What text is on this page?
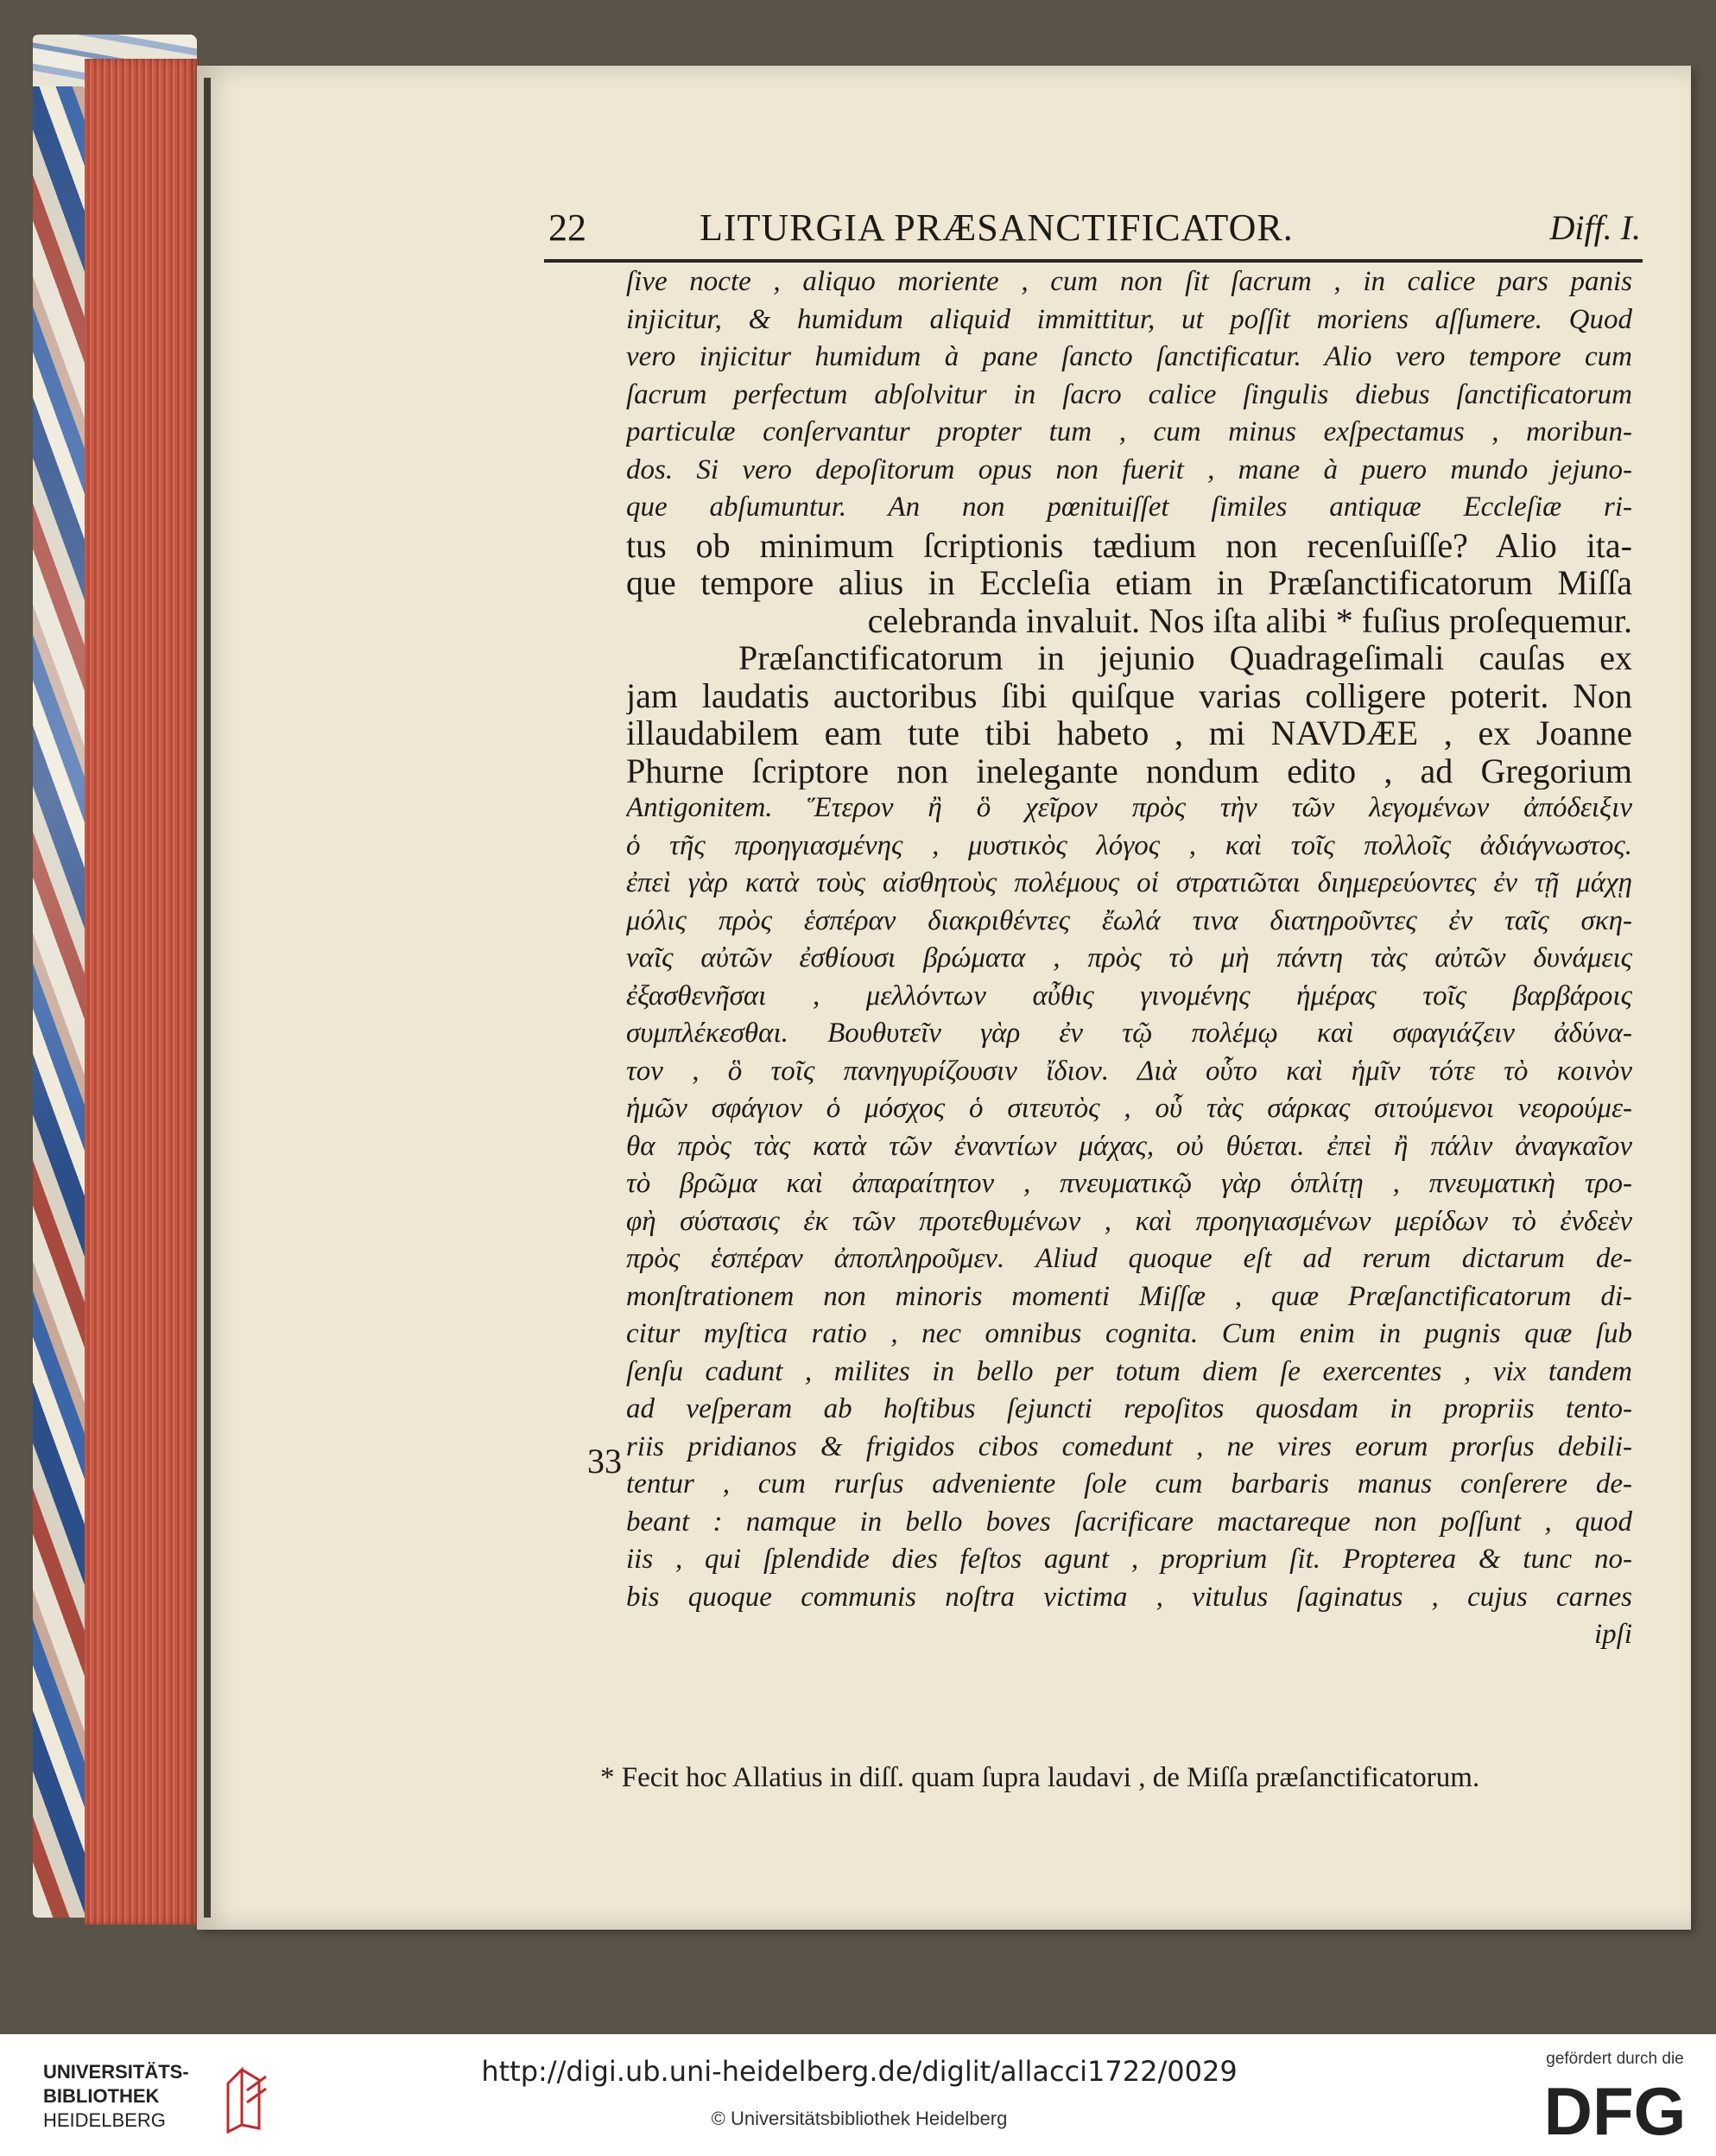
22	LITURGIA PRÆSANCTIFICATOR.	Diff. I.
ſive nocte , aliquo moriente , cum non ſit ſacrum , in calice pars panis
injicitur, & humidum aliquid immittitur, ut poſſit moriens aſſumere. Quod
vero injicitur humidum à pane ſancto ſanctificatur. Alio vero tempore cum
ſacrum perfectum abſolvitur in ſacro calice ſingulis diebus ſanctificatorum
particulæ conſervantur propter tum , cum minus exſpectamus , moribun-
dos. Si vero depoſitorum opus non fuerit , mane à puero mundo jejuno-
que abſumuntur. An non pœnituiſſet ſimiles antiquæ Eccleſiæ ri-
tus ob minimum ſcriptionis tædium non recenſuiſſe? Alio ita-
que tempore alius in Eccleſia etiam in Præſanctificatorum Miſſa
celebranda invaluit. Nos iſta alibi * fuſius proſequemur.
Præſanctificatorum in jejunio Quadrageſimali cauſas ex
jam laudatis auctoribus ſibi quiſque varias colligere poterit. Non
illaudabilem eam tute tibi habeto , mi NAVDÆE , ex Joanne
Phurne ſcriptore non inelegante nondum edito , ad Gregorium
Antigonitem. Ἕτερον ἢ ὃ χεῖρον πρὸς τὴν τῶν λεγομένων ἀπόδειξιν
ὁ τῆς προηγιασμένης , μυστικὸς λόγος , καὶ τοῖς πολλοῖς ἀδιάγνωστος.
ἐπεὶ γὰρ κατὰ τοὺς αἰσθητοὺς πολέμους οἱ στρατιῶται διημερεύοντες ἐν τῇ μάχῃ
μόλις πρὸς ἑσπέραν διακριθέντες ἔωλά τινα διατηροῦντες ἐν ταῖς σκη-
ναῖς αὐτῶν ἐσθίουσι βρώματα , πρὸς τὸ μὴ πάντη τὰς αὐτῶν δυνάμεις
ἐξασθενῆσαι , μελλόντων αὖθις γινομένης ἡμέρας τοῖς βαρβάροις
συμπλέκεσθαι. Βουθυτεῖν γὰρ ἐν τῷ πολέμῳ καὶ σφαγιάζειν ἀδύνα-
τον , ὃ τοῖς πανηγυρίζουσιν ἴδιον. Διὰ οὗτο καὶ ἡμῖν τότε τὸ κοινὸν
ἡμῶν σφάγιον ὁ μόσχος ὁ σιτευτὸς , οὗ τὰς σάρκας σιτούμενοι νεορούμε-
θα πρὸς τὰς κατὰ τῶν ἐναντίων μάχας, οὐ θύεται. ἐπεὶ ἢ πάλιν ἀναγκαῖον
τὸ βρῶμα καὶ ἀπαραίτητον , πνευματικῷ γὰρ ὁπλίτῃ , πνευματικὴ τρο-
φὴ σύστασις ἐκ τῶν προτεθυμένων , καὶ προηγιασμένων μερίδων τὸ ἐνδεὲν
πρὸς ἑσπέραν ἀποπληροῦμεν. Aliud quoque eſt ad rerum dictarum de-
monſtrationem non minoris momenti Miſſæ , quæ Præſanctificatorum di-
citur myſtica ratio , nec omnibus cognita. Cum enim in pugnis quæ ſub
ſenſu cadunt , milites in bello per totum diem ſe exercentes , vix tandem
ad veſperam ab hoſtibus ſejuncti repoſitos quosdam in propriis tento-
riis pridianos & frigidos cibos comedunt , ne vires eorum prorſus debili-
tentur , cum rurſus adveniente ſole cum barbaris manus conſerere de-
beant : namque in bello boves ſacrificare mactareque non poſſunt , quod
iis , qui ſplendide dies feſtos agunt , proprium ſit. Propterea & tunc no-
bis quoque communis noſtra victima , vitulus ſaginatus , cujus carnes
ipſi
33
* Fecit hoc Allatius in diſſ. quam ſupra laudavi , de Miſſa præſanctificatorum.
UNIVERSITÄTS-
BIBLIOTHEK
HEIDELBERG
http://digi.ub.uni-heidelberg.de/diglit/allacci1722/0029
© Universitätsbibliothek Heidelberg
gefördert durch die
DFG
